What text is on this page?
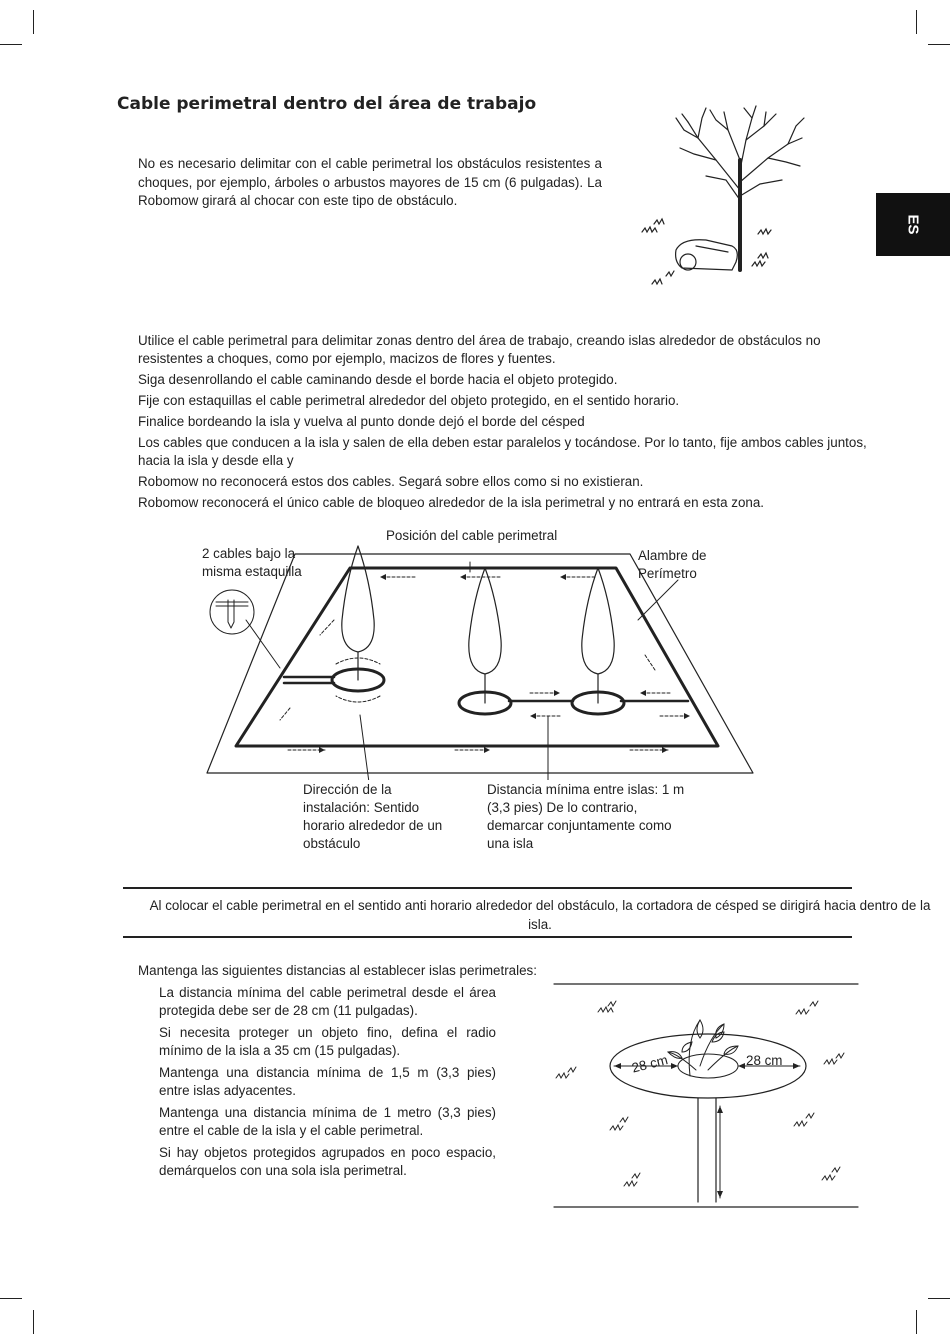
Cable perimetral dentro del área de trabajo
ES
No es necesario delimitar con el cable perimetral los obstáculos resistentes a choques, por ejemplo, árboles o arbustos mayores de 15 cm (6 pulgadas). La Robomow girará al chocar con este tipo de obstáculo.
Utilice el cable perimetral para delimitar zonas dentro del área de trabajo, creando islas alrededor de obstáculos no resistentes a choques, como por ejemplo, macizos de flores y fuentes.
Siga desenrollando el cable caminando desde el borde hacia el objeto protegido.
Fije con estaquillas el cable perimetral alrededor del objeto protegido, en el sentido horario.
Finalice bordeando la isla y vuelva al punto donde dejó el borde del césped
Los cables que conducen a la isla y salen de ella deben estar paralelos y tocándose. Por lo tanto, fije ambos cables juntos, hacia la isla y desde ella y
Robomow no reconocerá estos dos cables. Segará sobre ellos como si no existieran.
Robomow reconocerá el único cable de bloqueo alrededor de la isla perimetral y no entrará en esta zona.
Posición del cable perimetral
2 cables bajo la misma estaquilla
Alambre de Perímetro
Dirección de la instalación: Sentido horario alrededor de un obstáculo
Distancia mínima entre islas: 1 m (3,3 pies) De lo contrario, demarcar conjuntamente como una isla
Al colocar el cable perimetral en el sentido anti horario alrededor del obstáculo, la cortadora de césped se dirigirá hacia dentro de la isla.
Mantenga las siguientes distancias al establecer islas perimetrales:
La distancia mínima del cable perimetral desde el área protegida debe ser de 28 cm (11 pulgadas).
Si necesita proteger un objeto fino, defina el radio mínimo de la isla a 35 cm (15 pulgadas).
Mantenga una distancia mínima de 1,5 m (3,3 pies) entre islas adyacentes.
Mantenga una distancia mínima de 1 metro (3,3 pies) entre el cable de la isla y el cable perimetral.
Si hay objetos protegidos agrupados en poco espacio, demárquelos con una sola isla perimetral.
28 cm	28 cm
